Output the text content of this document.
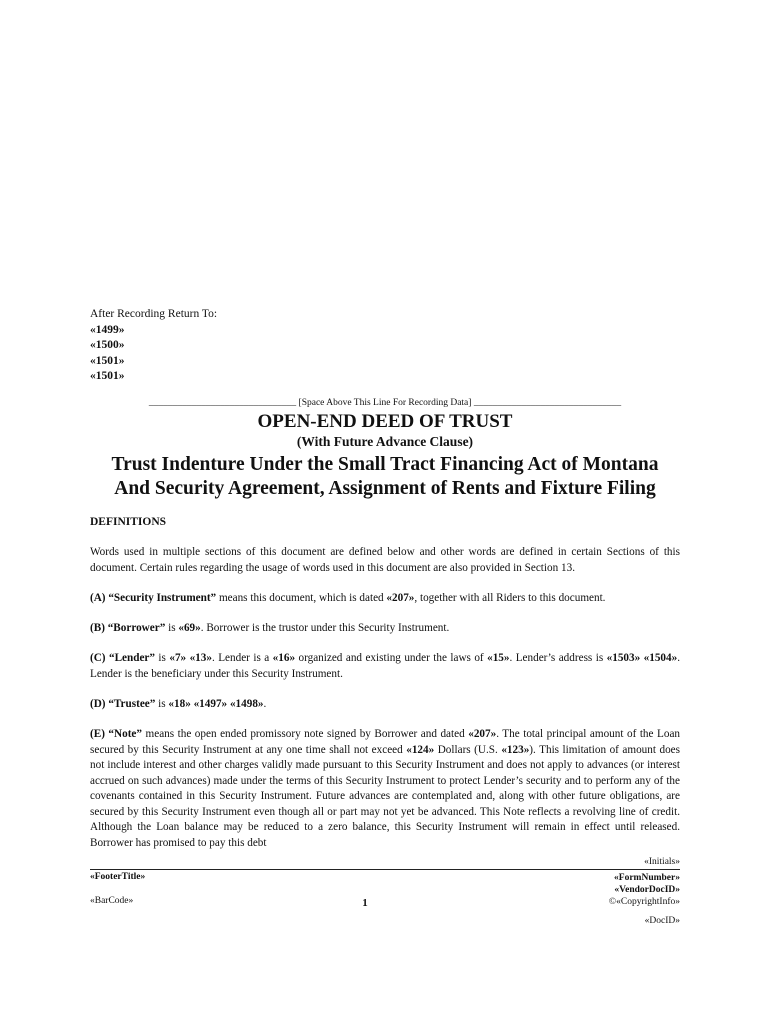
After Recording Return To:
«1499»
«1500»
«1501»
«1501»
_______________________________ [Space Above This Line For Recording Data] _______________________________
OPEN-END DEED OF TRUST
(With Future Advance Clause)
Trust Indenture Under the Small Tract Financing Act of Montana
And Security Agreement, Assignment of Rents and Fixture Filing
DEFINITIONS
Words used in multiple sections of this document are defined below and other words are defined in certain Sections of this document. Certain rules regarding the usage of words used in this document are also provided in Section 13.
(A) “Security Instrument” means this document, which is dated «207», together with all Riders to this document.
(B) “Borrower” is «69». Borrower is the trustor under this Security Instrument.
(C) “Lender” is «7» «13». Lender is a «16» organized and existing under the laws of «15». Lender’s address is «1503» «1504». Lender is the beneficiary under this Security Instrument.
(D) “Trustee” is «18» «1497» «1498».
(E) “Note” means the open ended promissory note signed by Borrower and dated «207». The total principal amount of the Loan secured by this Security Instrument at any one time shall not exceed «124» Dollars (U.S. «123»). This limitation of amount does not include interest and other charges validly made pursuant to this Security Instrument and does not apply to advances (or interest accrued on such advances) made under the terms of this Security Instrument to protect Lender’s security and to perform any of the covenants contained in this Security Instrument. Future advances are contemplated and, along with other future obligations, are secured by this Security Instrument even though all or part may not yet be advanced. This Note reflects a revolving line of credit. Although the Loan balance may be reduced to a zero balance, this Security Instrument will remain in effect until released. Borrower has promised to pay this debt
«Initials»
«FooterTitle»	«FormNumber»
«VendorDocID»
©«CopyrightInfo»
«BarCode»	1
«DocID»
